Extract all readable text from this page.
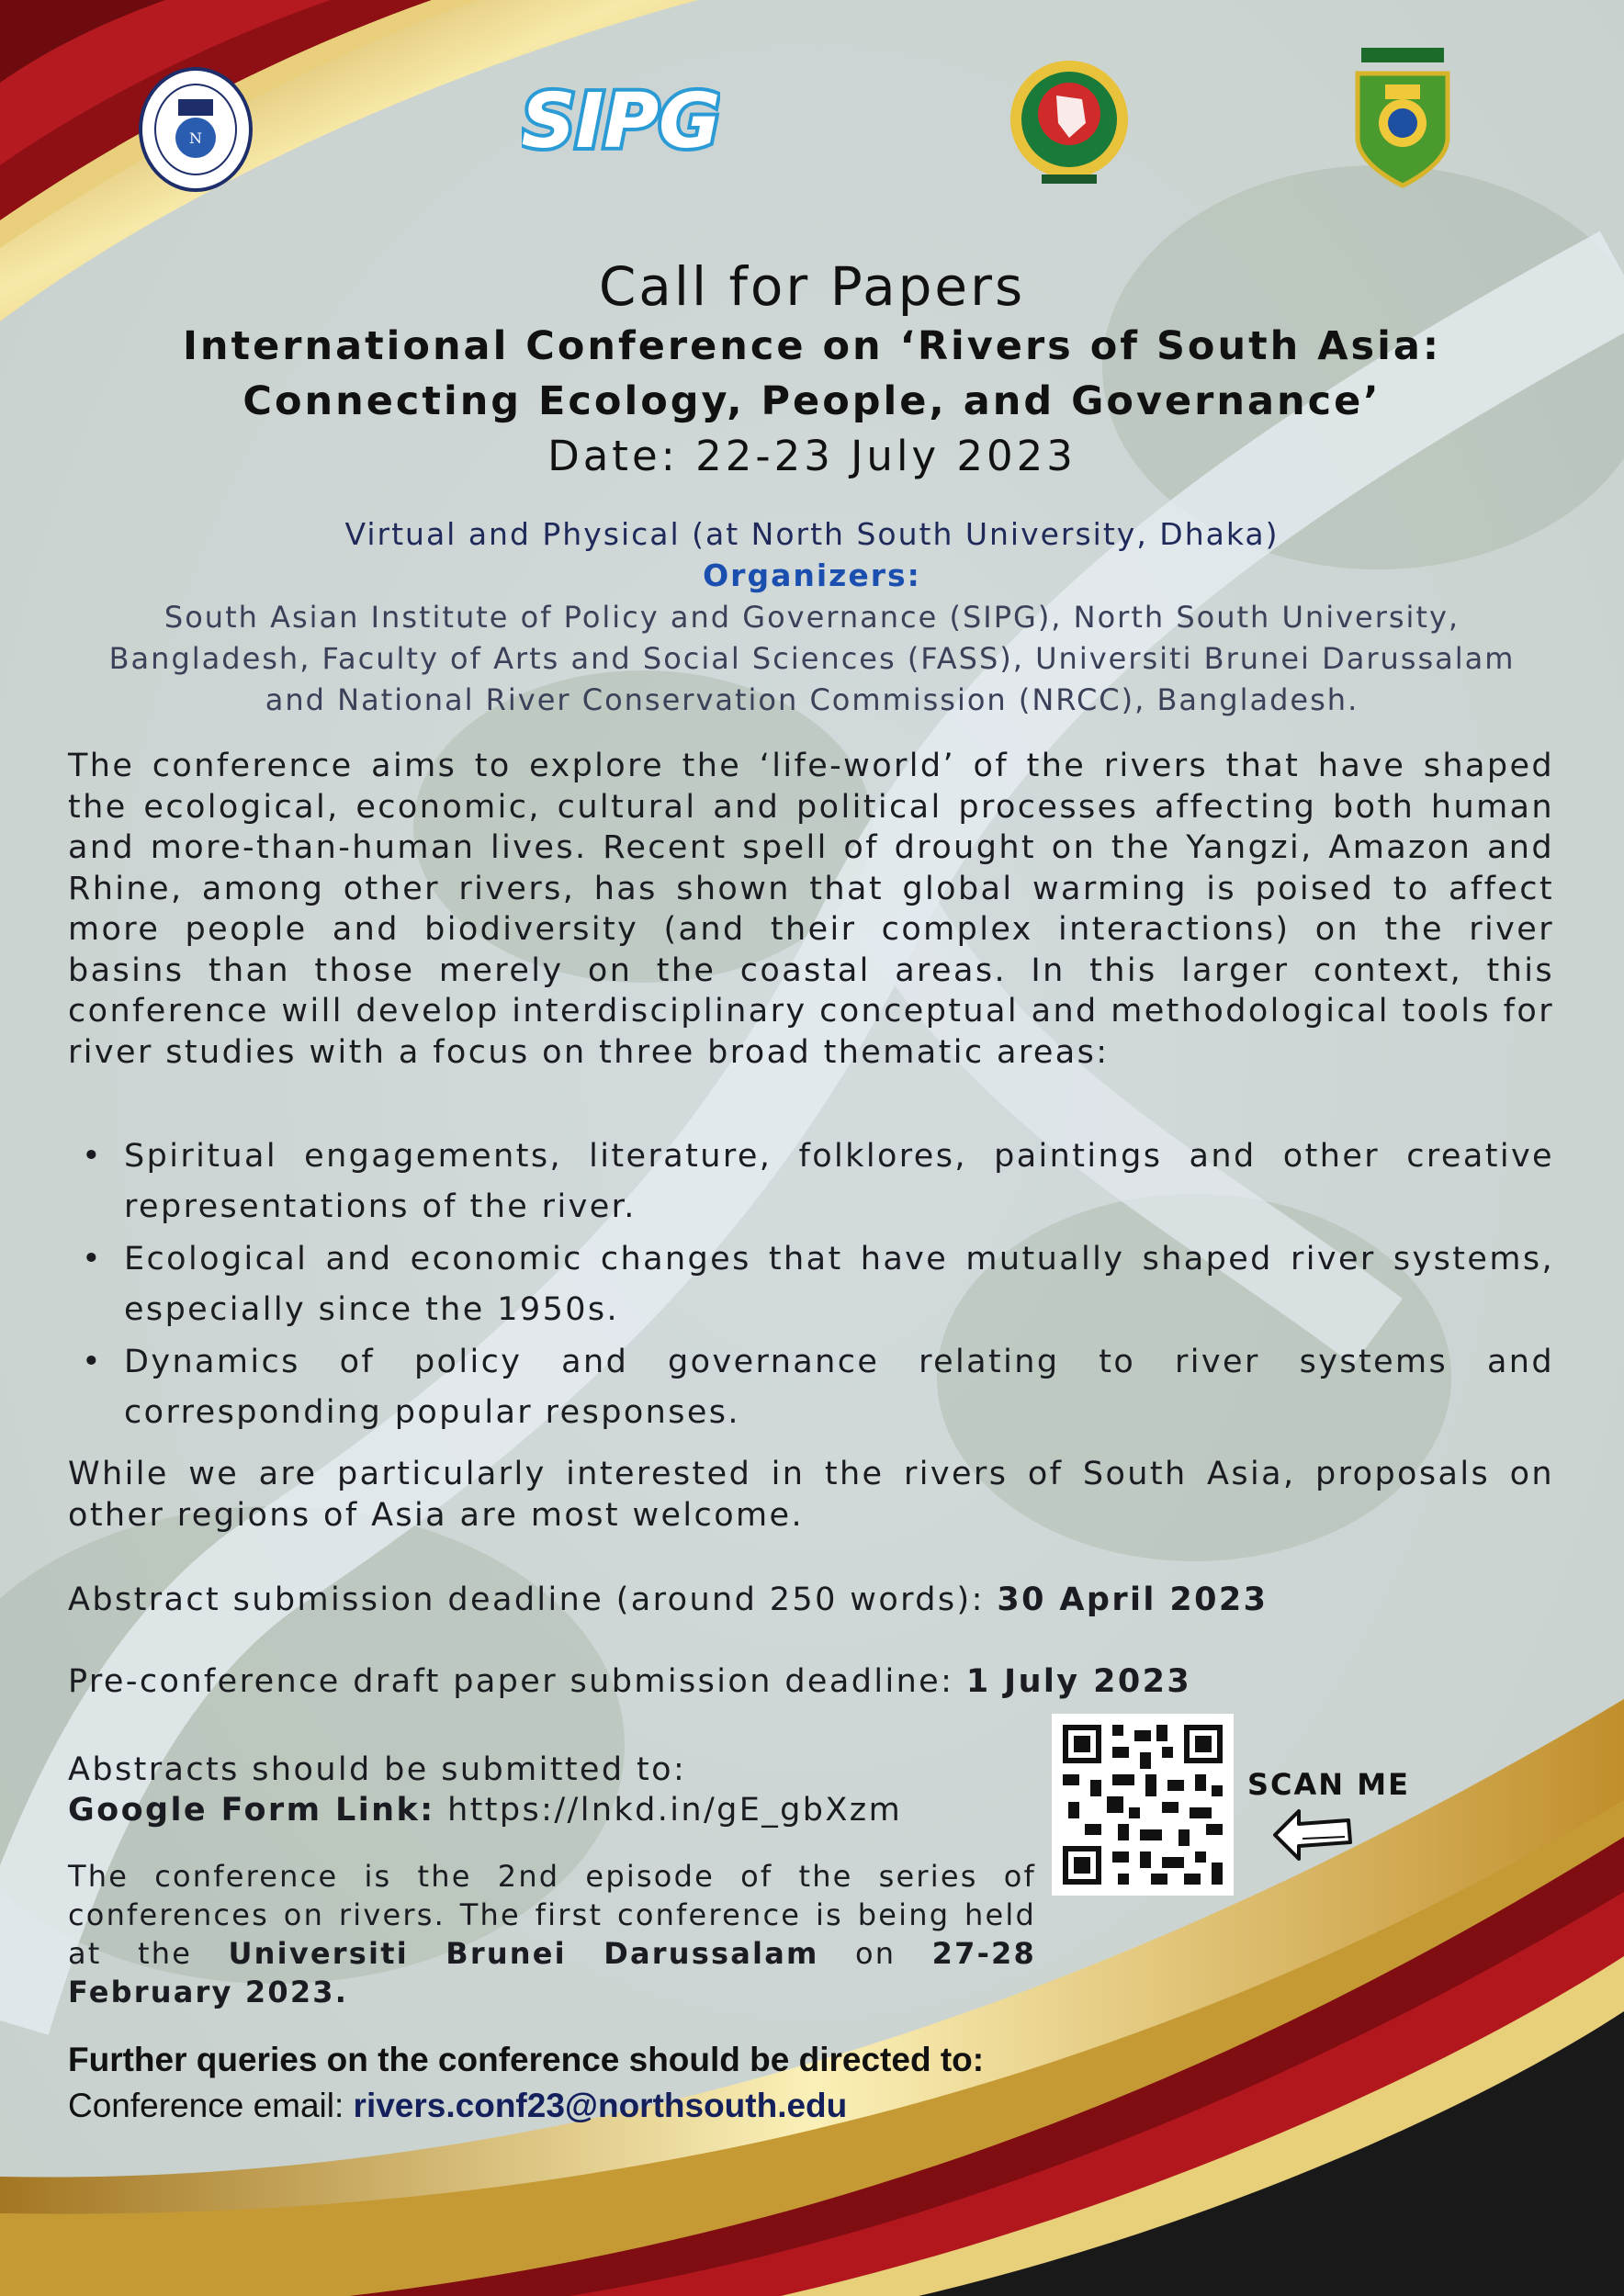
N	SIPG
Call for Papers
International Conference on ‘Rivers of South Asia:
Connecting Ecology, People, and Governance’
Date: 22-23 July 2023
Virtual and Physical (at North South University, Dhaka)
Organizers:
South Asian Institute of Policy and Governance (SIPG), North South University, Bangladesh, Faculty of Arts and Social Sciences (FASS), Universiti Brunei Darussalam and National River Conservation Commission (NRCC), Bangladesh.
The conference aims to explore the ‘life-world’ of the rivers that have shaped the ecological, economic, cultural and political processes affecting both human and more-than-human lives. Recent spell of drought on the Yangzi, Amazon and Rhine, among other rivers, has shown that global warming is poised to affect more people and biodiversity (and their complex interactions) on the river basins than those merely on the coastal areas. In this larger context, this conference will develop interdisciplinary conceptual and methodological tools for river studies with a focus on three broad thematic areas:
• Spiritual engagements, literature, folklores, paintings and other creative representations of the river.
• Ecological and economic changes that have mutually shaped river systems, especially since the 1950s.
• Dynamics of policy and governance relating to river systems and corresponding popular responses.
While we are particularly interested in the rivers of South Asia, proposals on other regions of Asia are most welcome.
Abstract submission deadline (around 250 words): 30 April 2023
Pre-conference draft paper submission deadline: 1 July 2023
Abstracts should be submitted to:
Google Form Link: https://lnkd.in/gE_gbXzm
SCAN ME
The conference is the 2nd episode of the series of conferences on rivers. The first conference is being held at the Universiti Brunei Darussalam on 27-28 February 2023.
Further queries on the conference should be directed to:
Conference email: rivers.conf23@northsouth.edu
